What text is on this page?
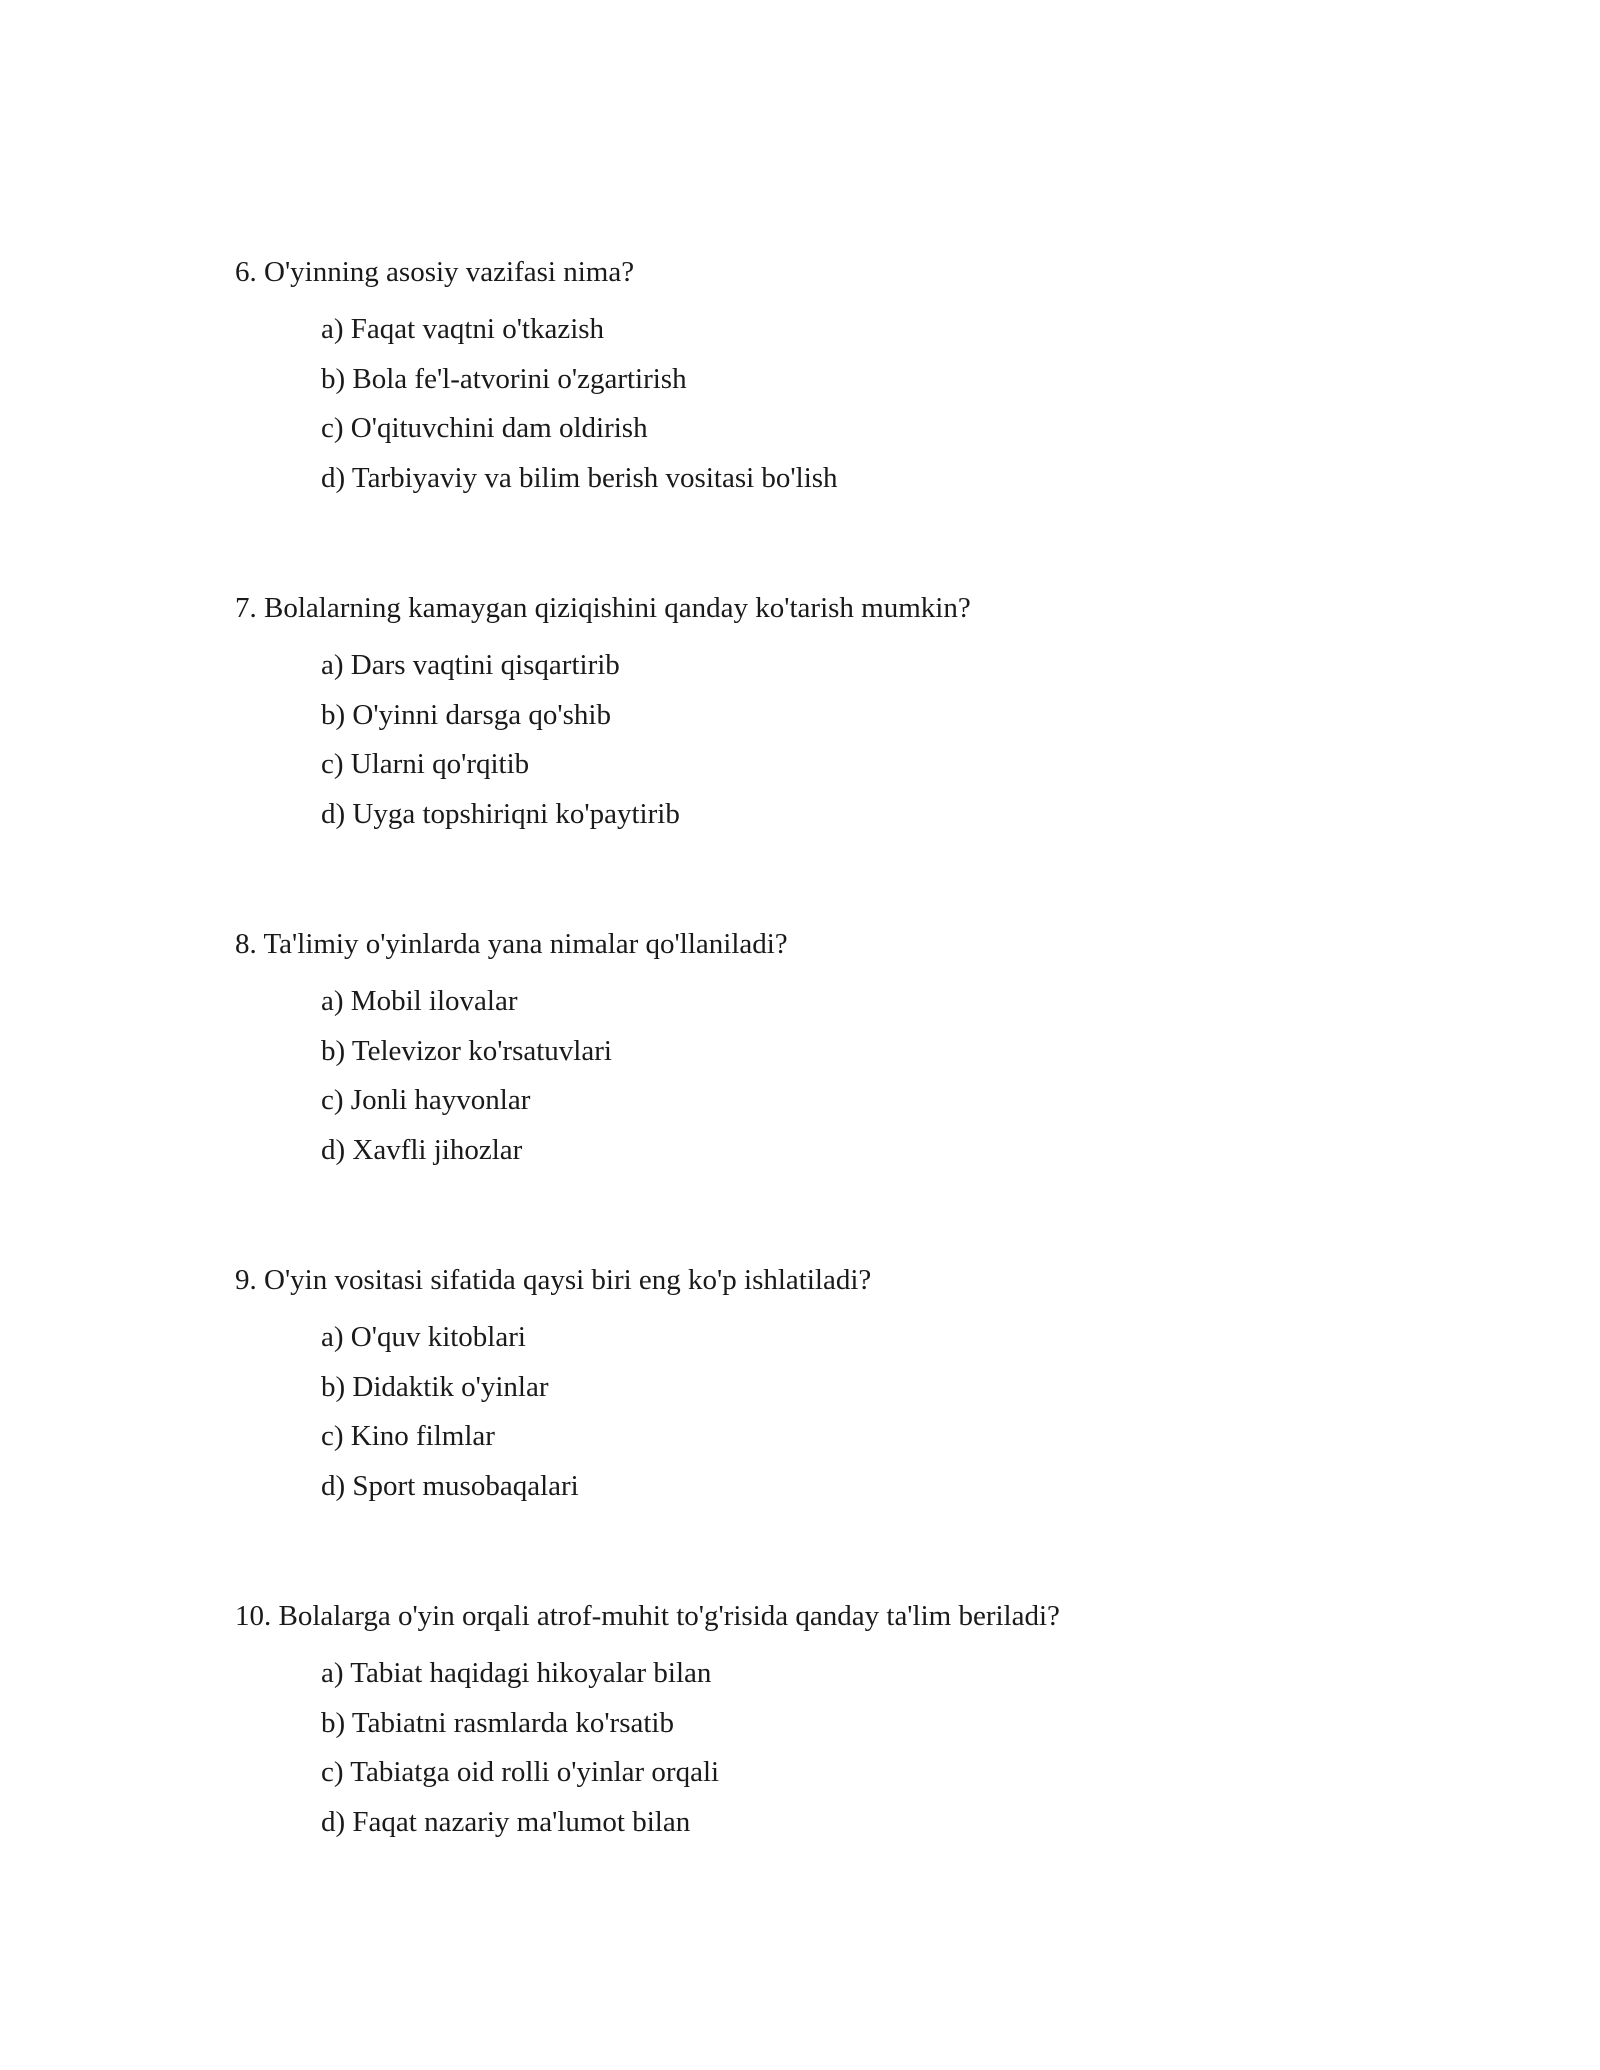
6. O'yinning asosiy vazifasi nima?
a) Faqat vaqtni o'tkazish
b) Bola fe'l-atvorini o'zgartirish
c) O'qituvchini dam oldirish
d) Tarbiyaviy va bilim berish vositasi bo'lish
7. Bolalarning kamaygan qiziqishini qanday ko'tarish mumkin?
a) Dars vaqtini qisqartirib
b) O'yinni darsga qo'shib
c) Ularni qo'rqitib
d) Uyga topshiriqni ko'paytirib
8. Ta'limiy o'yinlarda yana nimalar qo'llaniladi?
a) Mobil ilovalar
b) Televizor ko'rsatuvlari
c) Jonli hayvonlar
d) Xavfli jihozlar
9. O'yin vositasi sifatida qaysi biri eng ko'p ishlatiladi?
a) O'quv kitoblari
b) Didaktik o'yinlar
c) Kino filmlar
d) Sport musobaqalari
10. Bolalarga o'yin orqali atrof-muhit to'g'risida qanday ta'lim beriladi?
a) Tabiat haqidagi hikoyalar bilan
b) Tabiatni rasmlarda ko'rsatib
c) Tabiatga oid rolli o'yinlar orqali
d) Faqat nazariy ma'lumot bilan
